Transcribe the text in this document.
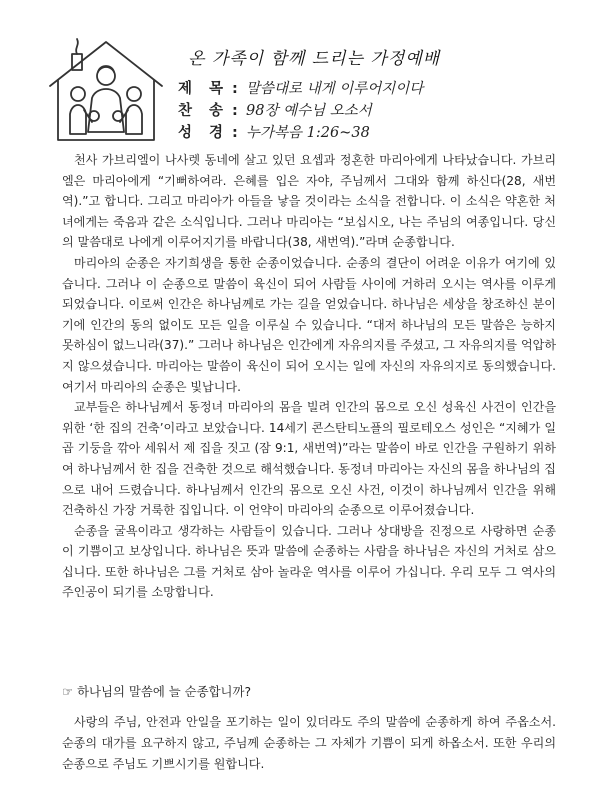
온 가족이 함께 드리는 가정예배
제 목 : 말씀대로 내게 이루어지이다
찬 송 : 98장 예수님 오소서
성 경 : 누가복음 1:26~38

천사 가브리엘이 나사렛 동네에 살고 있던 요셉과 정혼한 마리아에게 나타났습니다. 가브리엘은 마리아에게 “기뻐하여라. 은혜를 입은 자야, 주님께서 그대와 함께 하신다(28, 새번역).”고 합니다. 그리고 마리아가 아들을 낳을 것이라는 소식을 전합니다. 이 소식은 약혼한 처녀에게는 죽음과 같은 소식입니다. 그러나 마리아는 “보십시오, 나는 주님의 여종입니다. 당신의 말씀대로 나에게 이루어지기를 바랍니다(38, 새번역).”라며 순종합니다.

마리아의 순종은 자기희생을 통한 순종이었습니다. 순종의 결단이 어려운 이유가 여기에 있습니다. 그러나 이 순종으로 말씀이 육신이 되어 사람들 사이에 거하러 오시는 역사를 이루게 되었습니다. 이로써 인간은 하나님께로 가는 길을 얻었습니다. 하나님은 세상을 창조하신 분이기에 인간의 동의 없이도 모든 일을 이루실 수 있습니다. “대저 하나님의 모든 말씀은 능하지 못하심이 없느니라(37).” 그러나 하나님은 인간에게 자유의지를 주셨고, 그 자유의지를 억압하지 않으셨습니다. 마리아는 말씀이 육신이 되어 오시는 일에 자신의 자유의지로 동의했습니다. 여기서 마리아의 순종은 빛납니다.

교부들은 하나님께서 동정녀 마리아의 몸을 빌려 인간의 몸으로 오신 성육신 사건이 인간을 위한 ‘한 집의 건축’이라고 보았습니다. 14세기 콘스탄티노플의 필로테오스 성인은 “지혜가 일곱 기둥을 깎아 세워서 제 집을 짓고 (잠 9:1, 새번역)”라는 말씀이 바로 인간을 구원하기 위하여 하나님께서 한 집을 건축한 것으로 해석했습니다. 동정녀 마리아는 자신의 몸을 하나님의 집으로 내어 드렸습니다. 하나님께서 인간의 몸으로 오신 사건, 이것이 하나님께서 인간을 위해 건축하신 가장 거룩한 집입니다. 이 언약이 마리아의 순종으로 이루어졌습니다.

순종을 굴욕이라고 생각하는 사람들이 있습니다. 그러나 상대방을 진정으로 사랑하면 순종이 기쁨이고 보상입니다. 하나님은 뜻과 말씀에 순종하는 사람을 하나님은 자신의 거처로 삼으십니다. 또한 하나님은 그를 거처로 삼아 놀라운 역사를 이루어 가십니다. 우리 모두 그 역사의 주인공이 되기를 소망합니다.

☞ 하나님의 말씀에 늘 순종합니까?

사랑의 주님, 안전과 안일을 포기하는 일이 있더라도 주의 말씀에 순종하게 하여 주옵소서. 순종의 대가를 요구하지 않고, 주님께 순종하는 그 자체가 기쁨이 되게 하옵소서. 또한 우리의 순종으로 주님도 기쁘시기를 원합니다.
